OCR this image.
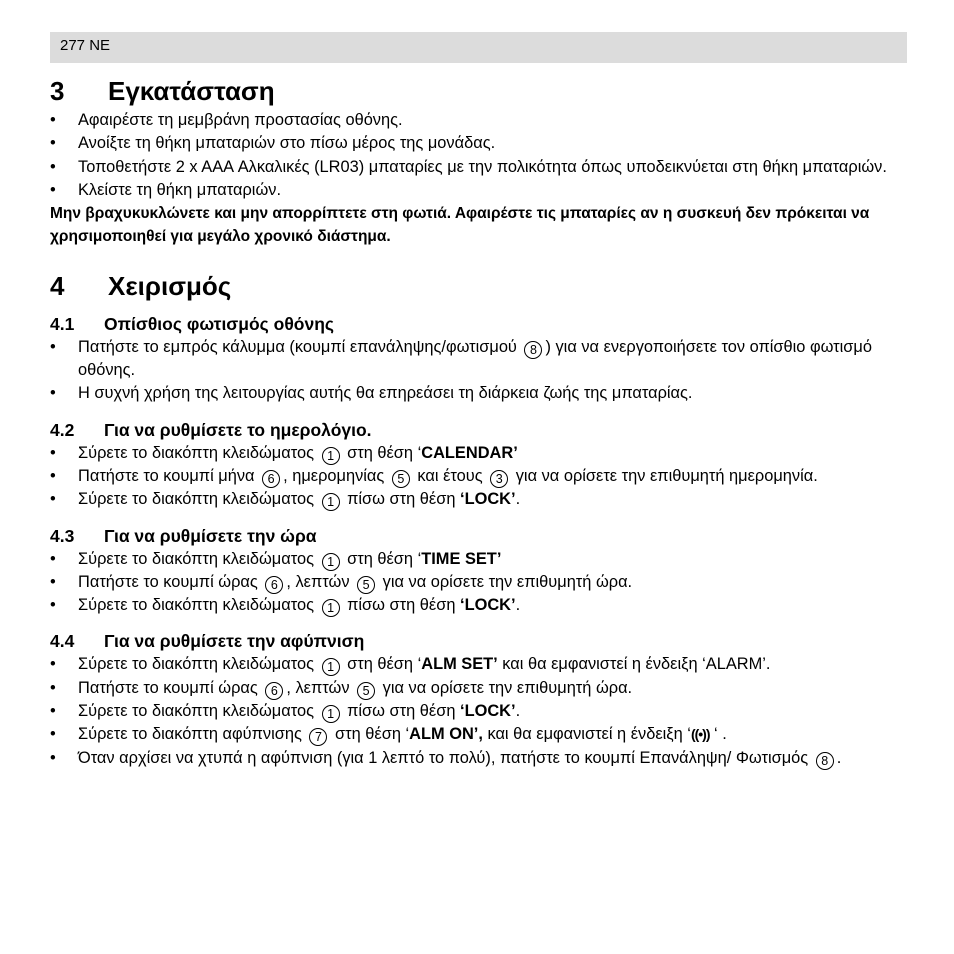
277 NE
3	Εγκατάσταση
•	Αφαιρέστε τη μεμβράνη προστασίας οθόνης.
•	Ανοίξτε τη θήκη μπαταριών στο πίσω μέρος της μονάδας.
•	Τοποθετήστε 2 x AAA Αλκαλικές (LR03) μπαταρίες με την πολικότητα όπως υποδεικνύεται στη θήκη μπαταριών.
•	Κλείστε τη θήκη μπαταριών.
Μην βραχυκυκλώνετε και μην απορρίπτετε στη φωτιά. Αφαιρέστε τις μπαταρίες αν η συσκευή δεν πρόκειται να χρησιμοποιηθεί για μεγάλο χρονικό διάστημα.
4	Χειρισμός
4.1	Οπίσθιος φωτισμός οθόνης
•	Πατήστε το εμπρός κάλυμμα (κουμπί επανάληψης/φωτισμού 8 ) για να ενεργοποιήσετε τον οπίσθιο φωτισμό οθόνης.
•	Η συχνή χρήση της λειτουργίας αυτής θα επηρεάσει τη διάρκεια ζωής της μπαταρίας.
4.2	Για να ρυθμίσετε το ημερολόγιο.
•	Σύρετε το διακόπτη κλειδώματος 1 στη θέση ‘CALENDAR’
•	Πατήστε το κουμπί μήνα 6 , ημερομηνίας 5 και έτους 3 για να ορίσετε την επιθυμητή ημερομηνία.
•	Σύρετε το διακόπτη κλειδώματος 1 πίσω στη θέση ‘LOCK’.
4.3	Για να ρυθμίσετε την ώρα
•	Σύρετε το διακόπτη κλειδώματος 1 στη θέση ‘TIME SET’
•	Πατήστε το κουμπί ώρας 6 , λεπτών 5 για να ορίσετε την επιθυμητή ώρα.
•	Σύρετε το διακόπτη κλειδώματος 1 πίσω στη θέση ‘LOCK’.
4.4	Για να ρυθμίσετε την αφύπνιση
•	Σύρετε το διακόπτη κλειδώματος 1 στη θέση ‘ALM SET’ και θα εμφανιστεί η ένδειξη ‘ALARM’.
•	Πατήστε το κουμπί ώρας 6 , λεπτών 5 για να ορίσετε την επιθυμητή ώρα.
•	Σύρετε το διακόπτη κλειδώματος 1 πίσω στη θέση ‘LOCK’.
•	Σύρετε το διακόπτη αφύπνισης 7 στη θέση ‘ALM ON’, και θα εμφανιστεί η ένδειξη ‘((•)) ‘ .
•	Όταν αρχίσει να χτυπά η αφύπνιση (για 1 λεπτό το πολύ), πατήστε το κουμπί Επανάληψη/ Φωτισμός 8 .
